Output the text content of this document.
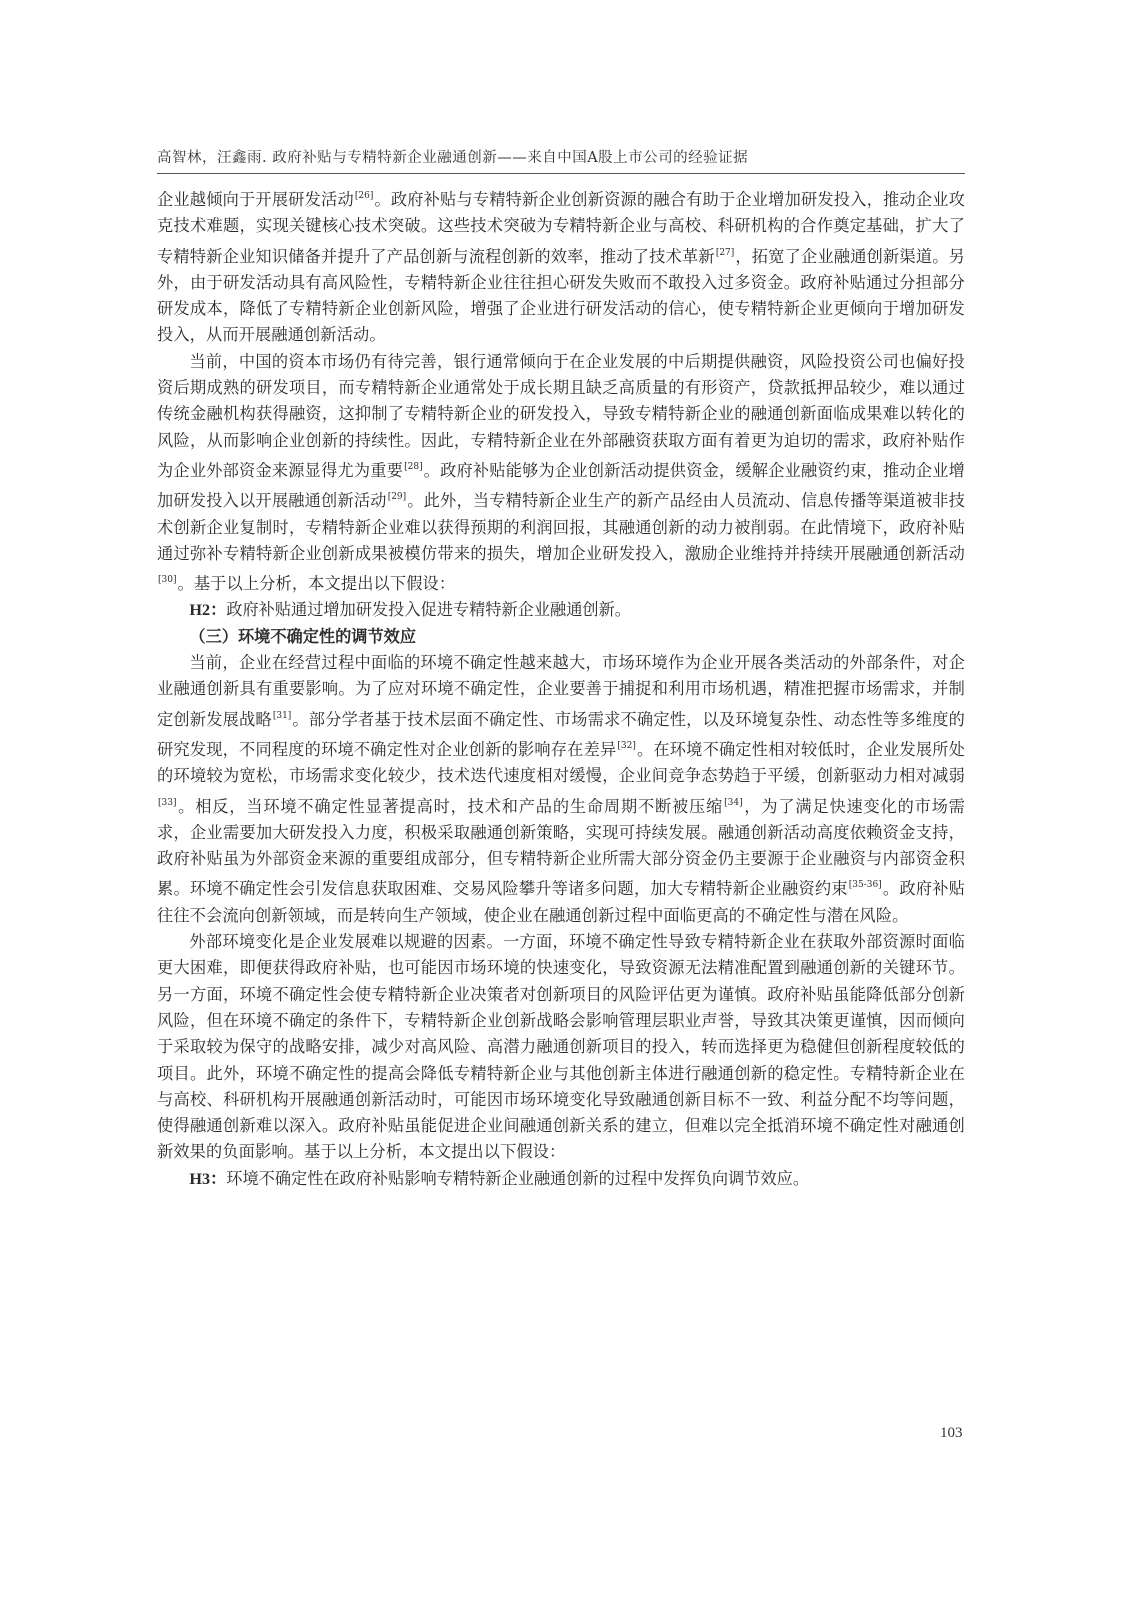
高智林，汪鑫雨. 政府补贴与专精特新企业融通创新——来自中国A股上市公司的经验证据

企业越倾向于开展研发活动[26]。政府补贴与专精特新企业创新资源的融合有助于企业增加研发投入，推动企业攻克技术难题，实现关键核心技术突破。这些技术突破为专精特新企业与高校、科研机构的合作奠定基础，扩大了专精特新企业知识储备并提升了产品创新与流程创新的效率，推动了技术革新[27]，拓宽了企业融通创新渠道。另外，由于研发活动具有高风险性，专精特新企业往往担心研发失败而不敢投入过多资金。政府补贴通过分担部分研发成本，降低了专精特新企业创新风险，增强了企业进行研发活动的信心，使专精特新企业更倾向于增加研发投入，从而开展融通创新活动。

当前，中国的资本市场仍有待完善，银行通常倾向于在企业发展的中后期提供融资，风险投资公司也偏好投资后期成熟的研发项目，而专精特新企业通常处于成长期且缺乏高质量的有形资产，贷款抵押品较少，难以通过传统金融机构获得融资，这抑制了专精特新企业的研发投入，导致专精特新企业的融通创新面临成果难以转化的风险，从而影响企业创新的持续性。因此，专精特新企业在外部融资获取方面有着更为迫切的需求，政府补贴作为企业外部资金来源显得尤为重要[28]。政府补贴能够为企业创新活动提供资金，缓解企业融资约束，推动企业增加研发投入以开展融通创新活动[29]。此外，当专精特新企业生产的新产品经由人员流动、信息传播等渠道被非技术创新企业复制时，专精特新企业难以获得预期的利润回报，其融通创新的动力被削弱。在此情境下，政府补贴通过弥补专精特新企业创新成果被模仿带来的损失，增加企业研发投入，激励企业维持并持续开展融通创新活动[30]。基于以上分析，本文提出以下假设：

H2：政府补贴通过增加研发投入促进专精特新企业融通创新。

（三）环境不确定性的调节效应

当前，企业在经营过程中面临的环境不确定性越来越大，市场环境作为企业开展各类活动的外部条件，对企业融通创新具有重要影响。为了应对环境不确定性，企业要善于捕捉和利用市场机遇，精准把握市场需求，并制定创新发展战略[31]。部分学者基于技术层面不确定性、市场需求不确定性，以及环境复杂性、动态性等多维度的研究发现，不同程度的环境不确定性对企业创新的影响存在差异[32]。在环境不确定性相对较低时，企业发展所处的环境较为宽松，市场需求变化较少，技术迭代速度相对缓慢，企业间竞争态势趋于平缓，创新驱动力相对减弱[33]。相反，当环境不确定性显著提高时，技术和产品的生命周期不断被压缩[34]，为了满足快速变化的市场需求，企业需要加大研发投入力度，积极采取融通创新策略，实现可持续发展。融通创新活动高度依赖资金支持，政府补贴虽为外部资金来源的重要组成部分，但专精特新企业所需大部分资金仍主要源于企业融资与内部资金积累。环境不确定性会引发信息获取困难、交易风险攀升等诸多问题，加大专精特新企业融资约束[35-36]。政府补贴往往不会流向创新领域，而是转向生产领域，使企业在融通创新过程中面临更高的不确定性与潜在风险。

外部环境变化是企业发展难以规避的因素。一方面，环境不确定性导致专精特新企业在获取外部资源时面临更大困难，即便获得政府补贴，也可能因市场环境的快速变化，导致资源无法精准配置到融通创新的关键环节。另一方面，环境不确定性会使专精特新企业决策者对创新项目的风险评估更为谨慎。政府补贴虽能降低部分创新风险，但在环境不确定的条件下，专精特新企业创新战略会影响管理层职业声誉，导致其决策更谨慎，因而倾向于采取较为保守的战略安排，减少对高风险、高潜力融通创新项目的投入，转而选择更为稳健但创新程度较低的项目。此外，环境不确定性的提高会降低专精特新企业与其他创新主体进行融通创新的稳定性。专精特新企业在与高校、科研机构开展融通创新活动时，可能因市场环境变化导致融通创新目标不一致、利益分配不均等问题，使得融通创新难以深入。政府补贴虽能促进企业间融通创新关系的建立，但难以完全抵消环境不确定性对融通创新效果的负面影响。基于以上分析，本文提出以下假设：

H3：环境不确定性在政府补贴影响专精特新企业融通创新的过程中发挥负向调节效应。

103
